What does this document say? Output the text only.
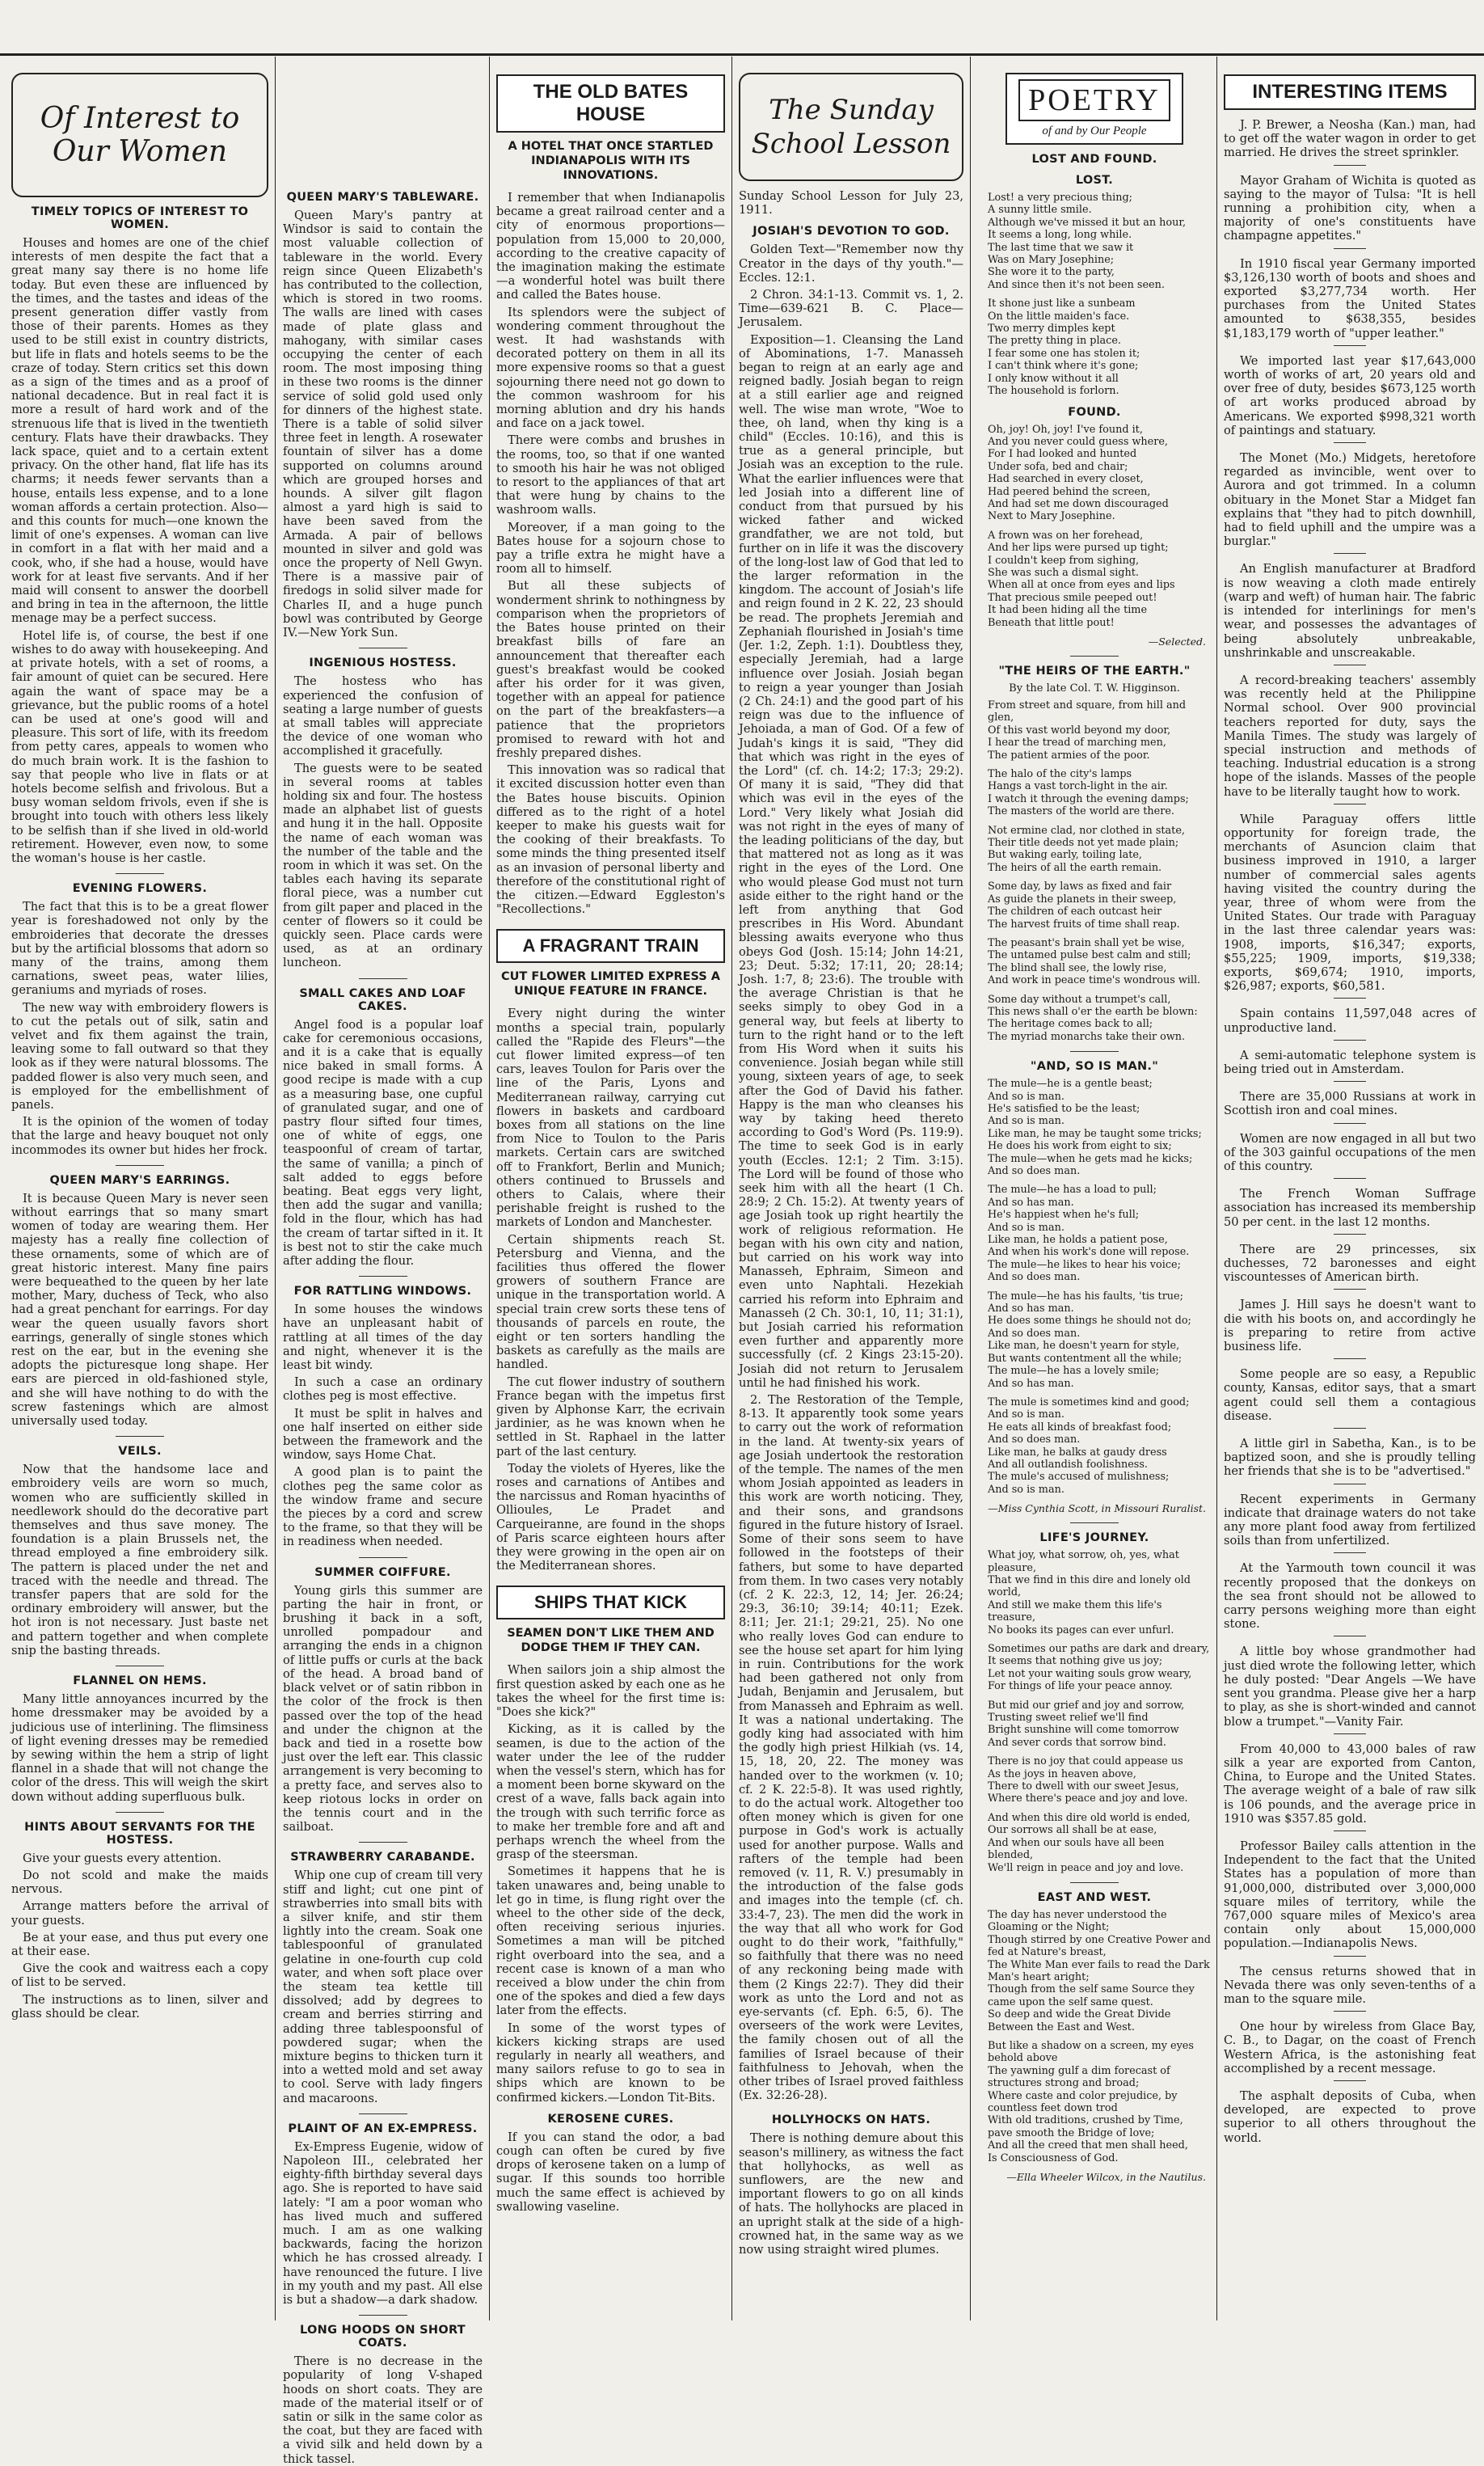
Of Interest to Our Women
TIMELY TOPICS OF INTEREST TO WOMEN.

Houses and homes are one of the chief interests of men despite the fact that a great many say there is no home life today. But even these are influenced by the times, and the tastes and ideas of the present generation differ vastly from those of their parents. Homes as they used to be still exist in country districts, but life in flats and hotels seems to be the craze of today. Stern critics set this down as a sign of the times and as a proof of national decadence. But in real fact it is more a result of hard work and of the strenuous life that is lived in the twentieth century. Flats have their drawbacks. They lack space, quiet and to a certain extent privacy. On the other hand, flat life has its charms; it needs fewer servants than a house, entails less expense, and to a lone woman affords a certain protection. Also—and this counts for much—one known the limit of one's expenses. A woman can live in comfort in a flat with her maid and a cook, who, if she had a house, would have work for at least five servants. And if her maid will consent to answer the doorbell and bring in tea in the afternoon, the little menage may be a perfect success.

Hotel life is, of course, the best if one wishes to do away with housekeeping. And at private hotels, with a set of rooms, a fair amount of quiet can be secured. Here again the want of space may be a grievance, but the public rooms of a hotel can be used at one's good will and pleasure. This sort of life, with its freedom from petty cares, appeals to women who do much brain work. It is the fashion to say that people who live in flats or at hotels become selfish and frivolous. But a busy woman seldom frivols, even if she is brought into touch with others less likely to be selfish than if she lived in old-world retirement. However, even now, to some the woman's house is her castle.

EVENING FLOWERS.

The fact that this is to be a great flower year is foreshadowed not only by the embroideries that decorate the dresses but by the artificial blossoms that adorn so many of the trains, among them carnations, sweet peas, water lilies, geraniums and myriads of roses.

The new way with embroidery flowers is to cut the petals out of silk, satin and velvet and fix them against the train, leaving some to fall outward so that they look as if they were natural blossoms. The padded flower is also very much seen, and is employed for the embellishment of panels.

It is the opinion of the women of today that the large and heavy bouquet not only incommodes its owner but hides her frock.

QUEEN MARY'S EARRINGS.

It is because Queen Mary is never seen without earrings that so many smart women of today are wearing them. Her majesty has a really fine collection of these ornaments, some of which are of great historic interest. Many fine pairs were bequeathed to the queen by her late mother, Mary, duchess of Teck, who also had a great penchant for earrings. For day wear the queen usually favors short earrings, generally of single stones which rest on the ear, but in the evening she adopts the picturesque long shape. Her ears are pierced in old-fashioned style, and she will have nothing to do with the screw fastenings which are almost universally used today.

VEILS.

Now that the handsome lace and embroidery veils are worn so much, women who are sufficiently skilled in needlework should do the decorative part themselves and thus save money. The foundation is a plain Brussels net, the thread employed a fine embroidery silk. The pattern is placed under the net and traced with the needle and thread. The transfer papers that are sold for the ordinary embroidery will answer, but the hot iron is not necessary. Just baste net and pattern together and when complete snip the basting threads.

FLANNEL ON HEMS.

Many little annoyances incurred by the home dressmaker may be avoided by a judicious use of interlining. The flimsiness of light evening dresses may be remedied by sewing within the hem a strip of light flannel in a shade that will not change the color of the dress. This will weigh the skirt down without adding superfluous bulk.

HINTS ABOUT SERVANTS FOR THE HOSTESS.

Give your guests every attention.

Do not scold and make the maids nervous.

Arrange matters before the arrival of your guests.

Be at your ease, and thus put every one at their ease.

Give the cook and waitress each a copy of list to be served.

The instructions as to linen, silver and glass should be clear.

QUEEN MARY'S TABLEWARE.

Queen Mary's pantry at Windsor is said to contain the most valuable collection of tableware in the world. Every reign since Queen Elizabeth's has contributed to the collection, which is stored in two rooms. The walls are lined with cases made of plate glass and mahogany, with similar cases occupying the center of each room. The most imposing thing in these two rooms is the dinner service of solid gold used only for dinners of the highest state. There is a table of solid silver three feet in length. A rosewater fountain of silver has a dome supported on columns around which are grouped horses and hounds. A silver gilt flagon almost a yard high is said to have been saved from the Armada. A pair of bellows mounted in silver and gold was once the property of Nell Gwyn. There is a massive pair of firedogs in solid silver made for Charles II, and a huge punch bowl was contributed by George IV.—New York Sun.

INGENIOUS HOSTESS.

The hostess who has experienced the confusion of seating a large number of guests at small tables will appreciate the device of one woman who accomplished it gracefully.

The guests were to be seated in several rooms at tables holding six and four. The hostess made an alphabet list of guests and hung it in the hall. Opposite the name of each woman was the number of the table and the room in which it was set. On the tables each having its separate floral piece, was a number cut from gilt paper and placed in the center of flowers so it could be quickly seen. Place cards were used, as at an ordinary luncheon.

SMALL CAKES AND LOAF CAKES.

Angel food is a popular loaf cake for ceremonious occasions, and it is a cake that is equally nice baked in small forms. A good recipe is made with a cup as a measuring base, one cupful of granulated sugar, and one of pastry flour sifted four times, one of white of eggs, one teaspoonful of cream of tartar, the same of vanilla; a pinch of salt added to eggs before beating. Beat eggs very light, then add the sugar and vanilla; fold in the flour, which has had the cream of tartar sifted in it. It is best not to stir the cake much after adding the flour.

FOR RATTLING WINDOWS.

In some houses the windows have an unpleasant habit of rattling at all times of the day and night, whenever it is the least bit windy.

In such a case an ordinary clothes peg is most effective.

It must be split in halves and one half inserted on either side between the framework and the window, says Home Chat.

A good plan is to paint the clothes peg the same color as the window frame and secure the pieces by a cord and screw to the frame, so that they will be in readiness when needed.

SUMMER COIFFURE.

Young girls this summer are parting the hair in front, or brushing it back in a soft, unrolled pompadour and arranging the ends in a chignon of little puffs or curls at the back of the head. A broad band of black velvet or of satin ribbon in the color of the frock is then passed over the top of the head and under the chignon at the back and tied in a rosette bow just over the left ear. This classic arrangement is very becoming to a pretty face, and serves also to keep riotous locks in order on the tennis court and in the sailboat.

STRAWBERRY CARABANDE.

Whip one cup of cream till very stiff and light; cut one pint of strawberries into small bits with a silver knife, and stir them lightly into the cream. Soak one tablespoonful of granulated gelatine in one-fourth cup cold water, and when soft place over the steam tea kettle till dissolved; add by degrees to cream and berries stirring and adding three tablespoonsful of powdered sugar; when the mixture begins to thicken turn it into a wetted mold and set away to cool. Serve with lady fingers and macaroons.

PLAINT OF AN EX-EMPRESS.

Ex-Empress Eugenie, widow of Napoleon III., celebrated her eighty-fifth birthday several days ago. She is reported to have said lately: "I am a poor woman who has lived much and suffered much. I am as one walking backwards, facing the horizon which he has crossed already. I have renounced the future. I live in my youth and my past. All else is but a shadow—a dark shadow.

LONG HOODS ON SHORT COATS.

There is no decrease in the popularity of long V-shaped hoods on short coats. They are made of the material itself or of satin or silk in the same color as the coat, but they are faced with a vivid silk and held down by a thick tassel.

THE OLD BATES HOUSE
A HOTEL THAT ONCE STARTLED INDIANAPOLIS WITH ITS INNOVATIONS.

I remember that when Indianapolis became a great railroad center and a city of enormous proportions—population from 15,000 to 20,000, according to the creative capacity of the imagination making the estimate—a wonderful hotel was built there and called the Bates house.

Its splendors were the subject of wondering comment throughout the west. It had washstands with decorated pottery on them in all its more expensive rooms so that a guest sojourning there need not go down to the common washroom for his morning ablution and dry his hands and face on a jack towel.

There were combs and brushes in the rooms, too, so that if one wanted to smooth his hair he was not obliged to resort to the appliances of that art that were hung by chains to the washroom walls.

Moreover, if a man going to the Bates house for a sojourn chose to pay a trifle extra he might have a room all to himself.

But all these subjects of wonderment shrink to nothingness by comparison when the proprietors of the Bates house printed on their breakfast bills of fare an announcement that thereafter each guest's breakfast would be cooked after his order for it was given, together with an appeal for patience on the part of the breakfasters—a patience that the proprietors promised to reward with hot and freshly prepared dishes.

This innovation was so radical that it excited discussion hotter even than the Bates house biscuits. Opinion differed as to the right of a hotel keeper to make his guests wait for the cooking of their breakfasts. To some minds the thing presented itself as an invasion of personal liberty and therefore of the constitutional right of the citizen.—Edward Eggleston's "Recollections."

A FRAGRANT TRAIN
CUT FLOWER LIMITED EXPRESS A UNIQUE FEATURE IN FRANCE.

Every night during the winter months a special train, popularly called the "Rapide des Fleurs"—the cut flower limited express—of ten cars, leaves Toulon for Paris over the line of the Paris, Lyons and Mediterranean railway, carrying cut flowers in baskets and cardboard boxes from all stations on the line from Nice to Toulon to the Paris markets. Certain cars are switched off to Frankfort, Berlin and Munich; others continued to Brussels and others to Calais, where their perishable freight is rushed to the markets of London and Manchester.

Certain shipments reach St. Petersburg and Vienna, and the facilities thus offered the flower growers of southern France are unique in the transportation world. A special train crew sorts these tens of thousands of parcels en route, the eight or ten sorters handling the baskets as carefully as the mails are handled.

The cut flower industry of southern France began with the impetus first given by Alphonse Karr, the ecrivain jardinier, as he was known when he settled in St. Raphael in the latter part of the last century.

Today the violets of Hyeres, like the roses and carnations of Antibes and the narcissus and Roman hyacinths of Ollioules, Le Pradet and Carqueiranne, are found in the shops of Paris scarce eighteen hours after they were growing in the open air on the Mediterranean shores.

SHIPS THAT KICK
SEAMEN DON'T LIKE THEM AND DODGE THEM IF THEY CAN.

When sailors join a ship almost the first question asked by each one as he takes the wheel for the first time is: "Does she kick?"

Kicking, as it is called by the seamen, is due to the action of the water under the lee of the rudder when the vessel's stern, which has for a moment been borne skyward on the crest of a wave, falls back again into the trough with such terrific force as to make her tremble fore and aft and perhaps wrench the wheel from the grasp of the steersman.

Sometimes it happens that he is taken unawares and, being unable to let go in time, is flung right over the wheel to the other side of the deck, often receiving serious injuries. Sometimes a man will be pitched right overboard into the sea, and a recent case is known of a man who received a blow under the chin from one of the spokes and died a few days later from the effects.

In some of the worst types of kickers kicking straps are used regularly in nearly all weathers, and many sailors refuse to go to sea in ships which are known to be confirmed kickers.—London Tit-Bits.

KEROSENE CURES.

If you can stand the odor, a bad cough can often be cured by five drops of kerosene taken on a lump of sugar. If this sounds too horrible much the same effect is achieved by swallowing vaseline.

The Sunday
School Lesson
Sunday School Lesson for July 23, 1911.
JOSIAH'S DEVOTION TO GOD.

Golden Text—"Remember now thy Creator in the days of thy youth."—Eccles. 12:1.

2 Chron. 34:1-13. Commit vs. 1, 2. Time—639-621 B. C. Place—Jerusalem.

Exposition—1. Cleansing the Land of Abominations, 1-7. Manasseh began to reign at an early age and reigned badly. Josiah began to reign at a still earlier age and reigned well. The wise man wrote, "Woe to thee, oh land, when thy king is a child" (Eccles. 10:16), and this is true as a general principle, but Josiah was an exception to the rule. What the earlier influences were that led Josiah into a different line of conduct from that pursued by his wicked father and wicked grandfather, we are not told, but further on in life it was the discovery of the long-lost law of God that led to the larger reformation in the kingdom. The account of Josiah's life and reign found in 2 K. 22, 23 should be read. The prophets Jeremiah and Zephaniah flourished in Josiah's time (Jer. 1:2, Zeph. 1:1). Doubtless they, especially Jeremiah, had a large influence over Josiah. Josiah began to reign a year younger than Josiah (2 Ch. 24:1) and the good part of his reign was due to the influence of Jehoiada, a man of God. Of a few of Judah's kings it is said, "They did that which was right in the eyes of the Lord" (cf. ch. 14:2; 17:3; 29:2). Of many it is said, "They did that which was evil in the eyes of the Lord." Very likely what Josiah did was not right in the eyes of many of the leading politicians of the day, but that mattered not as long as it was right in the eyes of the Lord. One who would please God must not turn aside either to the right hand or the left from anything that God prescribes in His Word. Abundant blessing awaits everyone who thus obeys God (Josh. 15:14; John 14:21, 23; Deut. 5:32; 17:11, 20; 28:14; Josh. 1:7, 8; 23:6). The trouble with the average Christian is that he seeks simply to obey God in a general way, but feels at liberty to turn to the right hand or to the left from His Word when it suits his convenience. Josiah began while still young, sixteen years of age, to seek after the God of David his father. Happy is the man who cleanses his way by taking heed thereto according to God's Word (Ps. 119:9). The time to seek God is in early youth (Eccles. 12:1; 2 Tim. 3:15). The Lord will be found of those who seek him with all the heart (1 Ch. 28:9; 2 Ch. 15:2). At twenty years of age Josiah took up right heartily the work of religious reformation. He began with his own city and nation, but carried on his work way into Manasseh, Ephraim, Simeon and even unto Naphtali. Hezekiah carried his reform into Ephraim and Manasseh (2 Ch. 30:1, 10, 11; 31:1), but Josiah carried his reformation even further and apparently more successfully (cf. 2 Kings 23:15-20). Josiah did not return to Jerusalem until he had finished his work.

2. The Restoration of the Temple, 8-13. It apparently took some years to carry out the work of reformation in the land. At twenty-six years of age Josiah undertook the restoration of the temple. The names of the men whom Josiah appointed as leaders in this work are worth noticing. They, and their sons, and grandsons figured in the future history of Israel. Some of their sons seem to have followed in the footsteps of their fathers, but some to have departed from them. In two cases very notably (cf. 2 K. 22:3, 12, 14; Jer. 26:24; 29:3, 36:10; 39:14; 40:11; Ezek. 8:11; Jer. 21:1; 29:21, 25). No one who really loves God can endure to see the house set apart for him lying in ruin. Contributions for the work had been gathered not only from Judah, Benjamin and Jerusalem, but from Manasseh and Ephraim as well. It was a national undertaking. The godly king had associated with him the godly high priest Hilkiah (vs. 14, 15, 18, 20, 22. The money was handed over to the workmen (v. 10; cf. 2 K. 22:5-8). It was used rightly, to do the actual work. Altogether too often money which is given for one purpose in God's work is actually used for another purpose. Walls and rafters of the temple had been removed (v. 11, R. V.) presumably in the introduction of the false gods and images into the temple (cf. ch. 33:4-7, 23). The men did the work in the way that all who work for God ought to do their work, "faithfully," so faithfully that there was no need of any reckoning being made with them (2 Kings 22:7). They did their work as unto the Lord and not as eye-servants (cf. Eph. 6:5, 6). The overseers of the work were Levites, the family chosen out of all the families of Israel because of their faithfulness to Jehovah, when the other tribes of Israel proved faithless (Ex. 32:26-28).

HOLLYHOCKS ON HATS.

There is nothing demure about this season's millinery, as witness the fact that hollyhocks, as well as sunflowers, are the new and important flowers to go on all kinds of hats. The hollyhocks are placed in an upright stalk at the side of a high-crowned hat, in the same way as we now using straight wired plumes.

POETRY
of and by Our People
LOST AND FOUND.
LOST.
Lost! a very precious thing;
A sunny little smile.
Although we've missed it but an hour,
It seems a long, long while.
The last time that we saw it
Was on Mary Josephine;
She wore it to the party,
And since then it's not been seen.
It shone just like a sunbeam
On the little maiden's face.
Two merry dimples kept
The pretty thing in place.
I fear some one has stolen it;
I can't think where it's gone;
I only know without it all
The household is forlorn.
FOUND.
Oh, joy! Oh, joy! I've found it,
And you never could guess where,
For I had looked and hunted
Under sofa, bed and chair;
Had searched in every closet,
Had peered behind the screen,
And had set me down discouraged
Next to Mary Josephine.
A frown was on her forehead,
And her lips were pursed up tight;
I couldn't keep from sighing,
She was such a dismal sight.
When all at once from eyes and lips
That precious smile peeped out!
It had been hiding all the time
Beneath that little pout!
—Selected.
"THE HEIRS OF THE EARTH."
By the late Col. T. W. Higginson.
From street and square, from hill and glen,
Of this vast world beyond my door,
I hear the tread of marching men,
The patient armies of the poor.
The halo of the city's lamps
Hangs a vast torch-light in the air.
I watch it through the evening damps;
The masters of the world are there.
Not ermine clad, nor clothed in state,
Their title deeds not yet made plain;
But waking early, toiling late,
The heirs of all the earth remain.
Some day, by laws as fixed and fair
As guide the planets in their sweep,
The children of each outcast heir
The harvest fruits of time shall reap.
The peasant's brain shall yet be wise,
The untamed pulse best calm and still;
The blind shall see, the lowly rise,
And work in peace time's wondrous will.
Some day without a trumpet's call,
This news shall o'er the earth be blown:
The heritage comes back to all;
The myriad monarchs take their own.
"AND, SO IS MAN."
The mule—he is a gentle beast;
And so is man.
He's satisfied to be the least;
And so is man.
Like man, he may be taught some tricks;
He does his work from eight to six;
The mule—when he gets mad he kicks;
And so does man.
The mule—he has a load to pull;
And so has man.
He's happiest when he's full;
And so is man.
Like man, he holds a patient pose,
And when his work's done will repose.
The mule—he likes to hear his voice;
And so does man.
The mule—he has his faults, 'tis true;
And so has man.
He does some things he should not do;
And so does man.
Like man, he doesn't yearn for style,
But wants contentment all the while;
The mule—he has a lovely smile;
And so has man.
The mule is sometimes kind and good;
And so is man.
He eats all kinds of breakfast food;
And so does man.
Like man, he balks at gaudy dress
And all outlandish foolishness.
The mule's accused of mulishness;
And so is man.
—Miss Cynthia Scott, in Missouri Ruralist.
LIFE'S JOURNEY.
What joy, what sorrow, oh, yes, what pleasure,
That we find in this dire and lonely old world,
And still we make them this life's treasure,
No books its pages can ever unfurl.
Sometimes our paths are dark and dreary,
It seems that nothing give us joy;
Let not your waiting souls grow weary,
For things of life your peace annoy.
But mid our grief and joy and sorrow,
Trusting sweet relief we'll find
Bright sunshine will come tomorrow
And sever cords that sorrow bind.
There is no joy that could appease us
As the joys in heaven above,
There to dwell with our sweet Jesus,
Where there's peace and joy and love.
And when this dire old world is ended,
Our sorrows all shall be at ease,
And when our souls have all been blended,
We'll reign in peace and joy and love.
EAST AND WEST.
The day has never understood the Gloaming or the Night;
Though stirred by one Creative Power and fed at Nature's breast,
The White Man ever fails to read the Dark Man's heart aright;
Though from the self same Source they came upon the self same quest.
So deep and wide the Great Divide Between the East and West.
But like a shadow on a screen, my eyes behold above
The yawning gulf a dim forecast of structures strong and broad;
Where caste and color prejudice, by countless feet down trod
With old traditions, crushed by Time, pave smooth the Bridge of love;
And all the creed that men shall heed,
Is Consciousness of God.
—Ella Wheeler Wilcox, in the Nautilus.
INTERESTING ITEMS

J. P. Brewer, a Neosha (Kan.) man, had to get off the water wagon in order to get married. He drives the street sprinkler.

Mayor Graham of Wichita is quoted as saying to the mayor of Tulsa: "It is hell running a prohibition city, when a majority of one's constituents have champagne appetites."

In 1910 fiscal year Germany imported $3,126,130 worth of boots and shoes and exported $3,277,734 worth. Her purchases from the United States amounted to $638,355, besides $1,183,179 worth of "upper leather."

We imported last year $17,643,000 worth of works of art, 20 years old and over free of duty, besides $673,125 worth of art works produced abroad by Americans. We exported $998,321 worth of paintings and statuary.

The Monet (Mo.) Midgets, heretofore regarded as invincible, went over to Aurora and got trimmed. In a column obituary in the Monet Star a Midget fan explains that "they had to pitch downhill, had to field uphill and the umpire was a burglar."

An English manufacturer at Bradford is now weaving a cloth made entirely (warp and weft) of human hair. The fabric is intended for interlinings for men's wear, and possesses the advantages of being absolutely unbreakable, unshrinkable and unscreakable.

A record-breaking teachers' assembly was recently held at the Philippine Normal school. Over 900 provincial teachers reported for duty, says the Manila Times. The study was largely of special instruction and methods of teaching. Industrial education is a strong hope of the islands. Masses of the people have to be literally taught how to work.

While Paraguay offers little opportunity for foreign trade, the merchants of Asuncion claim that business improved in 1910, a larger number of commercial sales agents having visited the country during the year, three of whom were from the United States. Our trade with Paraguay in the last three calendar years was: 1908, imports, $16,347; exports, $55,225; 1909, imports, $19,338; exports, $69,674; 1910, imports, $26,987; exports, $60,581.

Spain contains 11,597,048 acres of unproductive land.

A semi-automatic telephone system is being tried out in Amsterdam.

There are 35,000 Russians at work in Scottish iron and coal mines.

Women are now engaged in all but two of the 303 gainful occupations of the men of this country.

The French Woman Suffrage association has increased its membership 50 per cent. in the last 12 months.

There are 29 princesses, six duchesses, 72 baronesses and eight viscountesses of American birth.

James J. Hill says he doesn't want to die with his boots on, and accordingly he is preparing to retire from active business life.

Some people are so easy, a Republic county, Kansas, editor says, that a smart agent could sell them a contagious disease.

A little girl in Sabetha, Kan., is to be baptized soon, and she is proudly telling her friends that she is to be "advertised."

Recent experiments in Germany indicate that drainage waters do not take any more plant food away from fertilized soils than from unfertilized.

At the Yarmouth town council it was recently proposed that the donkeys on the sea front should not be allowed to carry persons weighing more than eight stone.

A little boy whose grandmother had just died wrote the following letter, which he duly posted: "Dear Angels —We have sent you grandma. Please give her a harp to play, as she is short-winded and cannot blow a trumpet."—Vanity Fair.

From 40,000 to 43,000 bales of raw silk a year are exported from Canton, China, to Europe and the United States. The average weight of a bale of raw silk is 106 pounds, and the average price in 1910 was $357.85 gold.

Professor Bailey calls attention in the Independent to the fact that the United States has a population of more than 91,000,000, distributed over 3,000,000 square miles of territory, while the 767,000 square miles of Mexico's area contain only about 15,000,000 population.—Indianapolis News.

The census returns showed that in Nevada there was only seven-tenths of a man to the square mile.

One hour by wireless from Glace Bay, C. B., to Dagar, on the coast of French Western Africa, is the astonishing feat accomplished by a recent message.

The asphalt deposits of Cuba, when developed, are expected to prove superior to all others throughout the world.
